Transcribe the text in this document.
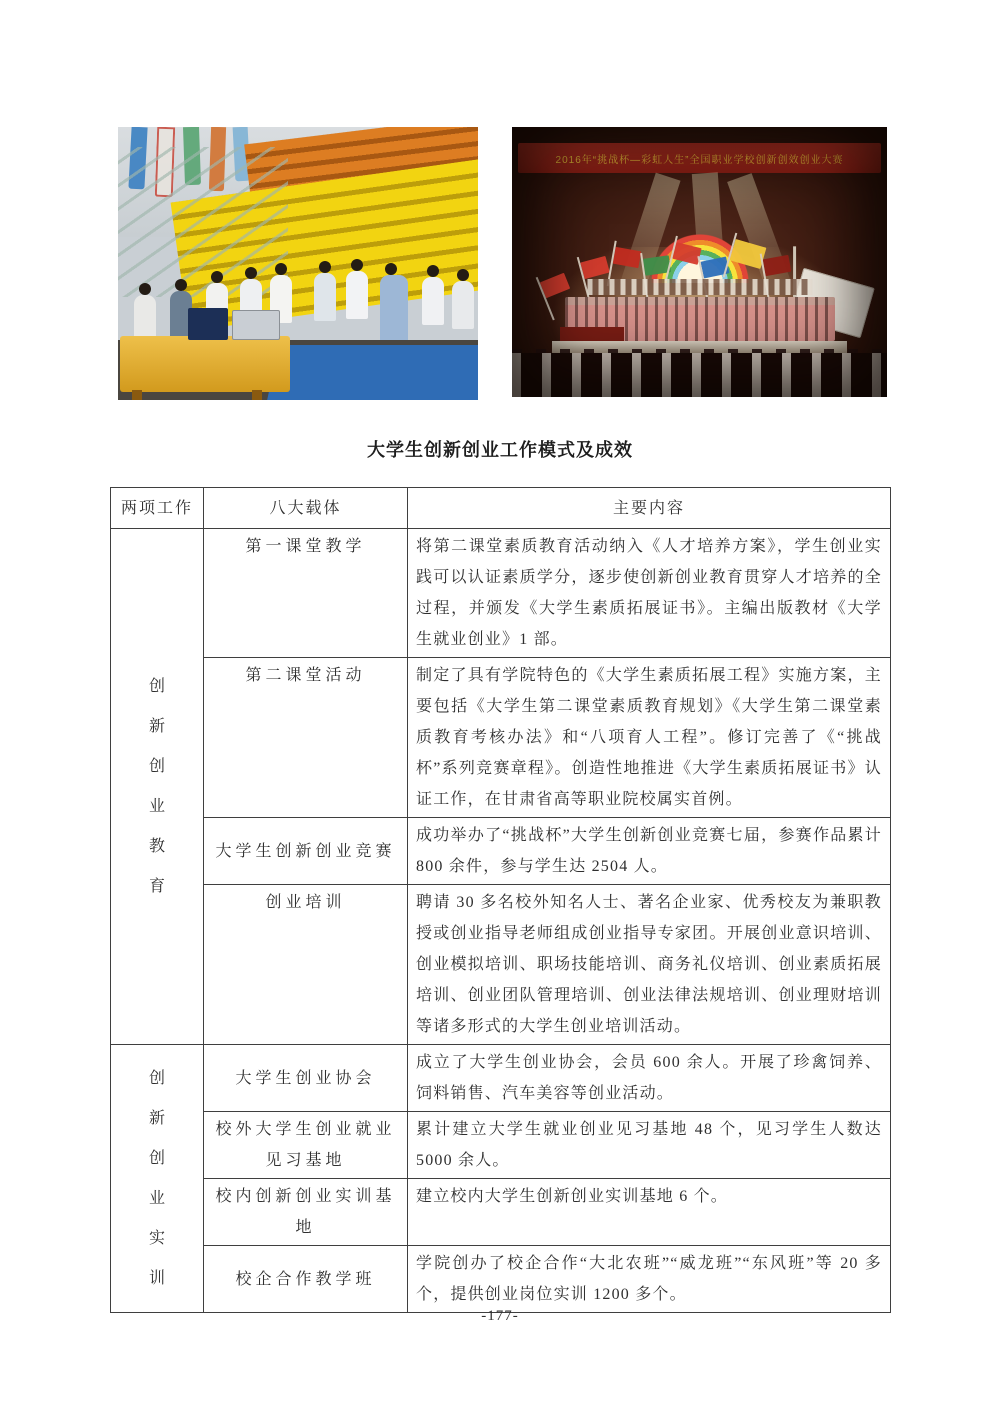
2016年“挑战杯—彩虹人生”全国职业学校创新创效创业大赛
大学生创新创业工作模式及成效
两项工作	八大载体	主要内容

创新创业教育	第一课堂教学	将第二课堂素质教育活动纳入《人才培养方案》，学生创业实践可以认证素质学分，逐步使创新创业教育贯穿人才培养的全过程，并颁发《大学生素质拓展证书》。主编出版教材《大学生就业创业》1 部。
	第二课堂活动	制定了具有学院特色的《大学生素质拓展工程》实施方案，主要包括《大学生第二课堂素质教育规划》《大学生第二课堂素质教育考核办法》和“八项育人工程”。修订完善了《“挑战杯”系列竞赛章程》。创造性地推进《大学生素质拓展证书》认证工作，在甘肃省高等职业院校属实首例。
	大学生创新创业竞赛	成功举办了“挑战杯”大学生创新创业竞赛七届，参赛作品累计 800 余件，参与学生达 2504 人。
	创业培训	聘请 30 多名校外知名人士、著名企业家、优秀校友为兼职教授或创业指导老师组成创业指导专家团。开展创业意识培训、创业模拟培训、职场技能培训、商务礼仪培训、创业素质拓展培训、创业团队管理培训、创业法律法规培训、创业理财培训等诸多形式的大学生创业培训活动。

创新创业实训	大学生创业协会	成立了大学生创业协会，会员 600 余人。开展了珍禽饲养、饲料销售、汽车美容等创业活动。
	校外大学生创业就业见习基地	累计建立大学生就业创业见习基地 48 个，见习学生人数达 5000 余人。
	校内创新创业实训基地	建立校内大学生创新创业实训基地 6 个。
	校企合作教学班	学院创办了校企合作“大北农班”“威龙班”“东风班”等 20 多个，提供创业岗位实训 1200 多个。
-177-
